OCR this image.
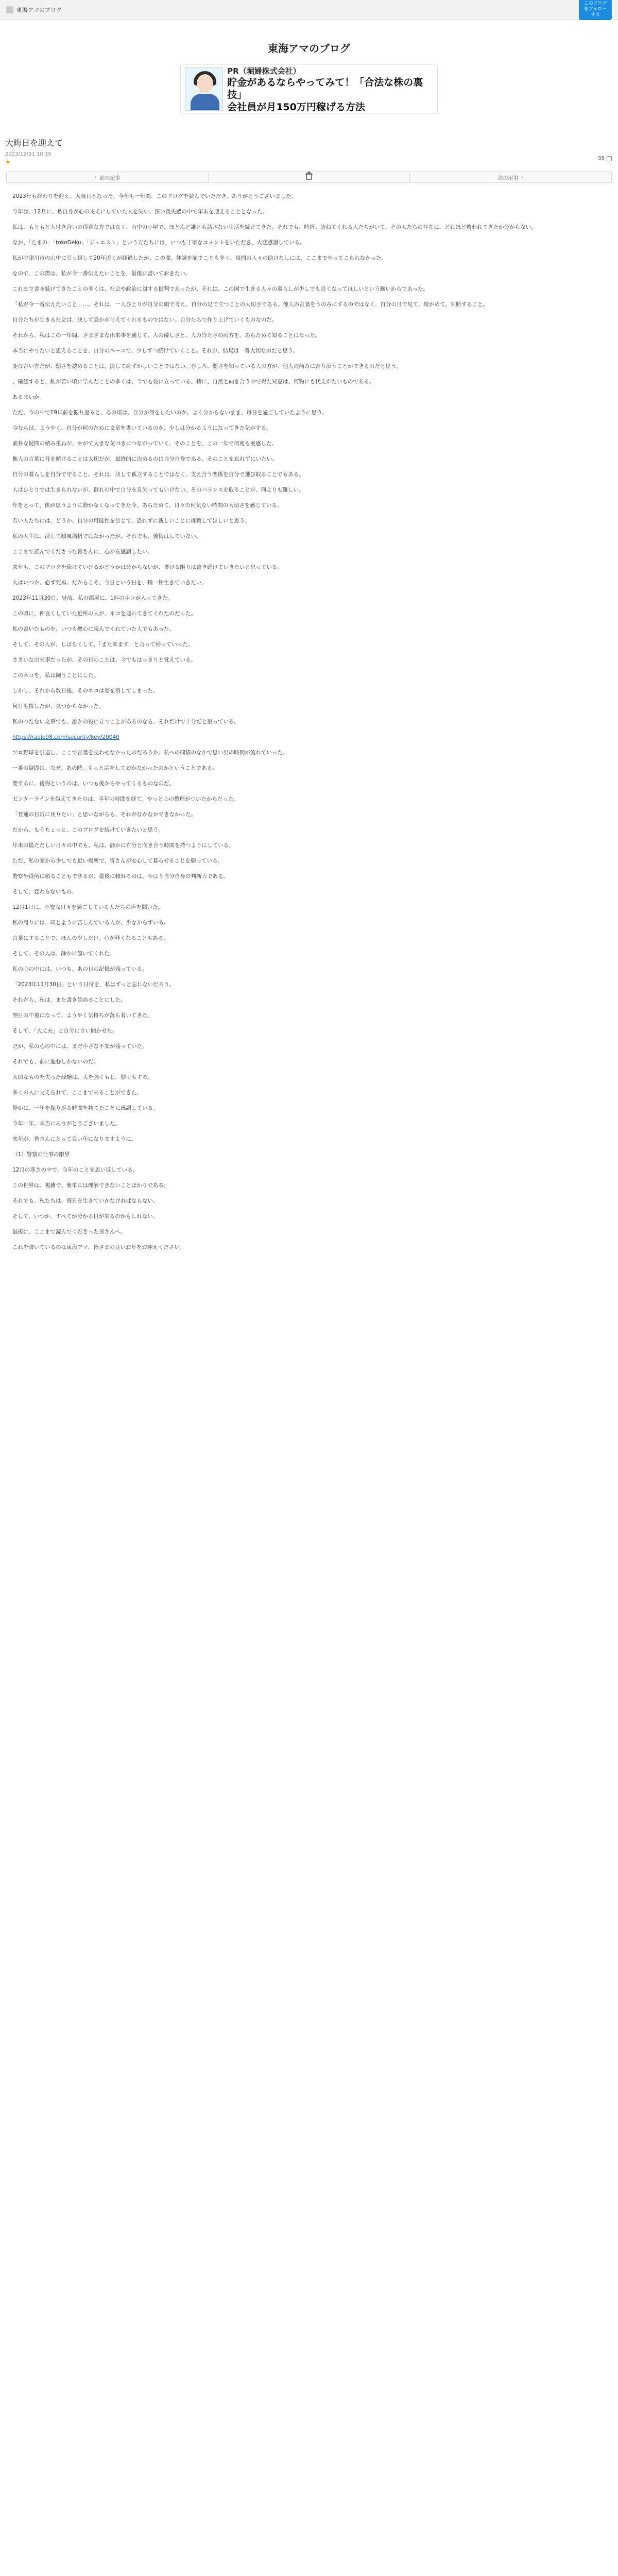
東海アマのブログ
このブログをフォローする
東海アマのブログ
PR（堀婦株式会社）
貯金があるならやってみて！「合法な株の裏技」
会社員が月150万円稼げる方法
大晦日を迎えて
2023/12/31 10:35
★	95
‹ 前の記事	次の記事 ›

2023年も終わりを迎え、大晦日となった。今年も一年間、このブログを読んでいただき、ありがとうございました。

今年は、12月に、私自身が心の支えにしていた人を失い、深い喪失感の中で年末を迎えることとなった。

私は、もともと人付き合いの得意な方ではなく、山中の小屋で、ほとんど誰とも話さない生活を続けてきた。それでも、時折、訪ねてくれる人たちがいて、その人たちの存在に、どれほど救われてきたか分からない。

なお、「たまの」「tokoDeku」「ジュエスト」という方たちには、いつも丁寧なコメントをいただき、大変感謝している。

私が中津川市の山中に引っ越して20年近くが経過したが、この間、体調を崩すことも多く、周囲の人々の助けなしには、ここまでやってこられなかった。

なので、この際は、私が今一番伝えたいことを、最後に書いておきたい。

これまで書き続けてきたことの多くは、社会や政治に対する批判であったが、それは、この国で生きる人々の暮らしが少しでも良くなってほしいという願いからであった。

「私が今一番伝えたいこと」…、それは、一人ひとりが自分の頭で考え、自分の足で立つことの大切さである。他人の言葉をうのみにするのではなく、自分の目で見て、確かめて、判断すること。

自分たちが生きる社会は、決して誰かが与えてくれるものではない。自分たちで作り上げていくものなのだ。

それから、私はこの一年間、さまざまな出来事を通じて、人の優しさと、人の冷たさの両方を、あらためて知ることになった。

本当にやりたいと思えることを、自分のペースで、少しずつ続けていくこと。それが、結局は一番大切なのだと思う。

変な言い方だが、弱さを認めることは、決して恥ずかしいことではない。むしろ、弱さを知っている人の方が、他人の痛みに寄り添うことができるのだと思う。

、確認すると、私が若い頃に学んだことの多くは、今でも役に立っている。特に、自然と向き合う中で得た知恵は、何物にも代えがたいものである。

あるまいか。

ただ、今の中で19年前を振り返ると、あの頃は、自分が何をしたいのか、よく分からないまま、毎日を過ごしていたように思う。

今ならば、ようやく、自分が何のために文章を書いているのか、少しは分かるようになってきた気がする。

素朴な疑問の積み重ねが、やがて大きな気づきにつながっていく。そのことを、この一年で何度も実感した。

他人の言葉に耳を傾けることは大切だが、最終的に決めるのは自分自身である。そのことを忘れずにいたい。

自分の暮らしを自分で守ること。それは、決して孤立することではなく、支え合う関係を自分で選び取ることでもある。

人はひとりでは生きられないが、群れの中で自分を見失ってもいけない。そのバランスを取ることが、何よりも難しい。

年をとって、体が思うように動かなくなってきた今、あらためて、日々の何気ない時間の大切さを感じている。

若い人たちには、どうか、自分の可能性を信じて、恐れずに新しいことに挑戦してほしいと思う。

私の人生は、決して順風満帆ではなかったが、それでも、後悔はしていない。

ここまで読んでくださった皆さんに、心から感謝したい。

来年も、このブログを続けていけるかどうかは分からないが、書ける限りは書き続けていきたいと思っている。

人はいつか、必ず死ぬ。だからこそ、今日という日を、精一杯生きていきたい。

2023年11月30日、昼前、私の部屋に、1匹のネコが入ってきた。

この頃に、仲良くしていた近所の人が、ネコを連れてきてくれたのだった。

私の書いたものを、いつも熱心に読んでくれていた人でもあった。

そして、その人が、しばらくして、「また来ます」と言って帰っていった。

ささいな出来事だったが、その日のことは、今でもはっきりと覚えている。

このネコを、私は飼うことにした。

しかし、それから数日後、そのネコは姿を消してしまった。

何日も探したが、見つからなかった。

私のつたない文章でも、誰かの役に立つことがあるのなら、それだけで十分だと思っている。

https://radio98.com/security/key/20040

プロ野球を引退し、ここで言葉を交わせなかったのだろうか。私への同情のなかで思い出の時間が流れていった。

一番の疑問は、なぜ、あの時、もっと話をしておかなかったのかということである。

要するに、後悔というのは、いつも後からやってくるものなのだ。

センターラインを越えてきたのは、半年の時間を経て、やっと心の整理がついたからだった。

「普通の日常に戻りたい」と思いながらも、それがなかなかできなかった。

だから、もうちょっと、このブログを続けていきたいと思う。

年末の慌ただしい日々の中でも、私は、静かに自分と向き合う時間を持つようにしている。

ただ、私の家から少しでも近い場所で、皆さんが安心して暮らせることを願っている。

警察や役所に頼ることもできるが、最後に頼れるのは、やはり自分自身の判断力である。

そして、変わらないもの。

12月1日に、不安な日々を過ごしている人たちの声を聞いた。

私の周りには、同じように苦しんでいる人が、少なからずいる。

言葉にすることで、ほんの少しだけ、心が軽くなることもある。

そして、その人は、静かに頷いてくれた。

私の心の中には、いつも、あの日の記憶が残っている。

「2023年11月30日」という日付を、私はずっと忘れないだろう。

それから、私は、また書き始めることにした。

翌日の午後になって、ようやく気持ちが落ち着いてきた。

そして、「大丈夫」と自分に言い聞かせた。

だが、私の心の中には、まだ小さな不安が残っていた。

それでも、前に進むしかないのだ。

大切なものを失った経験は、人を強くもし、弱くもする。

多くの人に支えられて、ここまで来ることができた。

静かに、一年を振り返る時間を持てたことに感謝している。

今年一年、本当にありがとうございました。

来年が、皆さんにとって良い年になりますように。

（1）警察の仕事の限界

12月の寒さの中で、今年のことを思い返している。

この世界は、複雑で、簡単には理解できないことばかりである。

それでも、私たちは、毎日を生きていかなければならない。

そして、いつか、すべてが分かる日が来るのかもしれない。

最後に、ここまで読んでくださった皆さんへ。

これを書いているのは東海アマ。皆さまの良いお年をお迎えください。
